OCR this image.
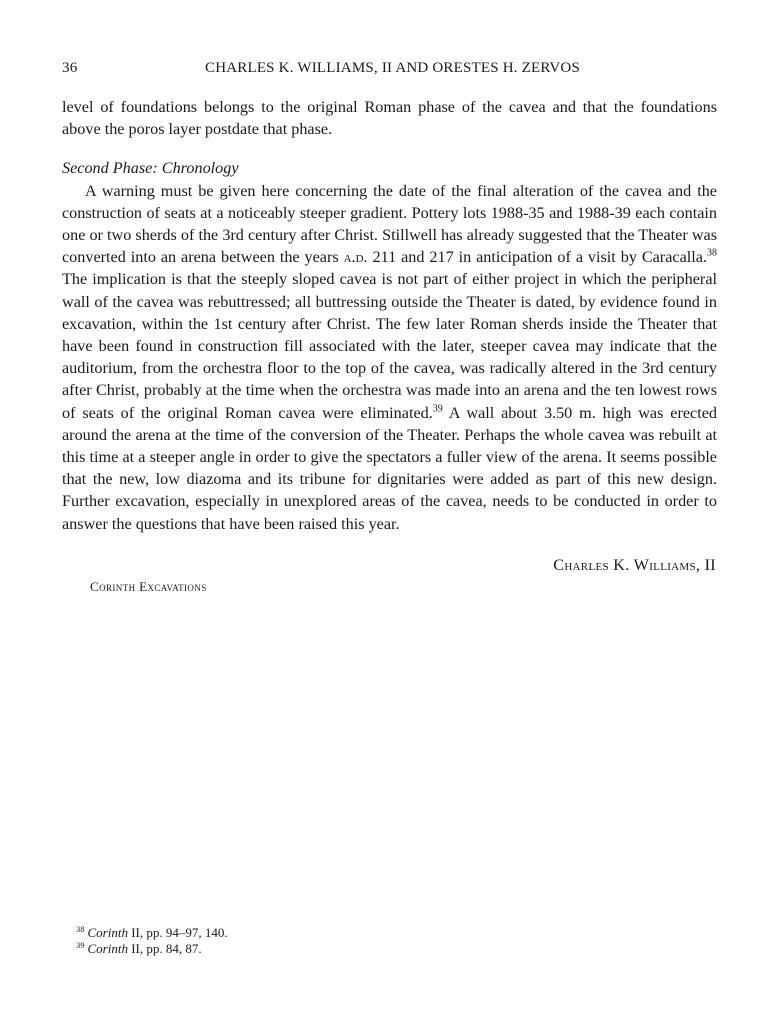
36	CHARLES K. WILLIAMS, II AND ORESTES H. ZERVOS

level of foundations belongs to the original Roman phase of the cavea and that the foundations above the poros layer postdate that phase.

Second Phase: Chronology

A warning must be given here concerning the date of the final alteration of the cavea and the construction of seats at a noticeably steeper gradient. Pottery lots 1988-35 and 1988-39 each contain one or two sherds of the 3rd century after Christ. Stillwell has already suggested that the Theater was converted into an arena between the years a.d. 211 and 217 in anticipation of a visit by Caracalla.$^{38}$ The implication is that the steeply sloped cavea is not part of either project in which the peripheral wall of the cavea was rebuttressed; all buttressing outside the Theater is dated, by evidence found in excavation, within the 1st century after Christ. The few later Roman sherds inside the Theater that have been found in construction fill associated with the later, steeper cavea may indicate that the auditorium, from the orchestra floor to the top of the cavea, was radically altered in the 3rd century after Christ, probably at the time when the orchestra was made into an arena and the ten lowest rows of seats of the original Roman cavea were eliminated.$^{39}$ A wall about 3.50 m. high was erected around the arena at the time of the conversion of the Theater. Perhaps the whole cavea was rebuilt at this time at a steeper angle in order to give the spectators a fuller view of the arena. It seems possible that the new, low diazoma and its tribune for dignitaries were added as part of this new design. Further excavation, especially in unexplored areas of the cavea, needs to be conducted in order to answer the questions that have been raised this year.

Charles K. Williams, II
Corinth Excavations
$^{38}$ Corinth II, pp. 94–97, 140.
$^{39}$ Corinth II, pp. 84, 87.
